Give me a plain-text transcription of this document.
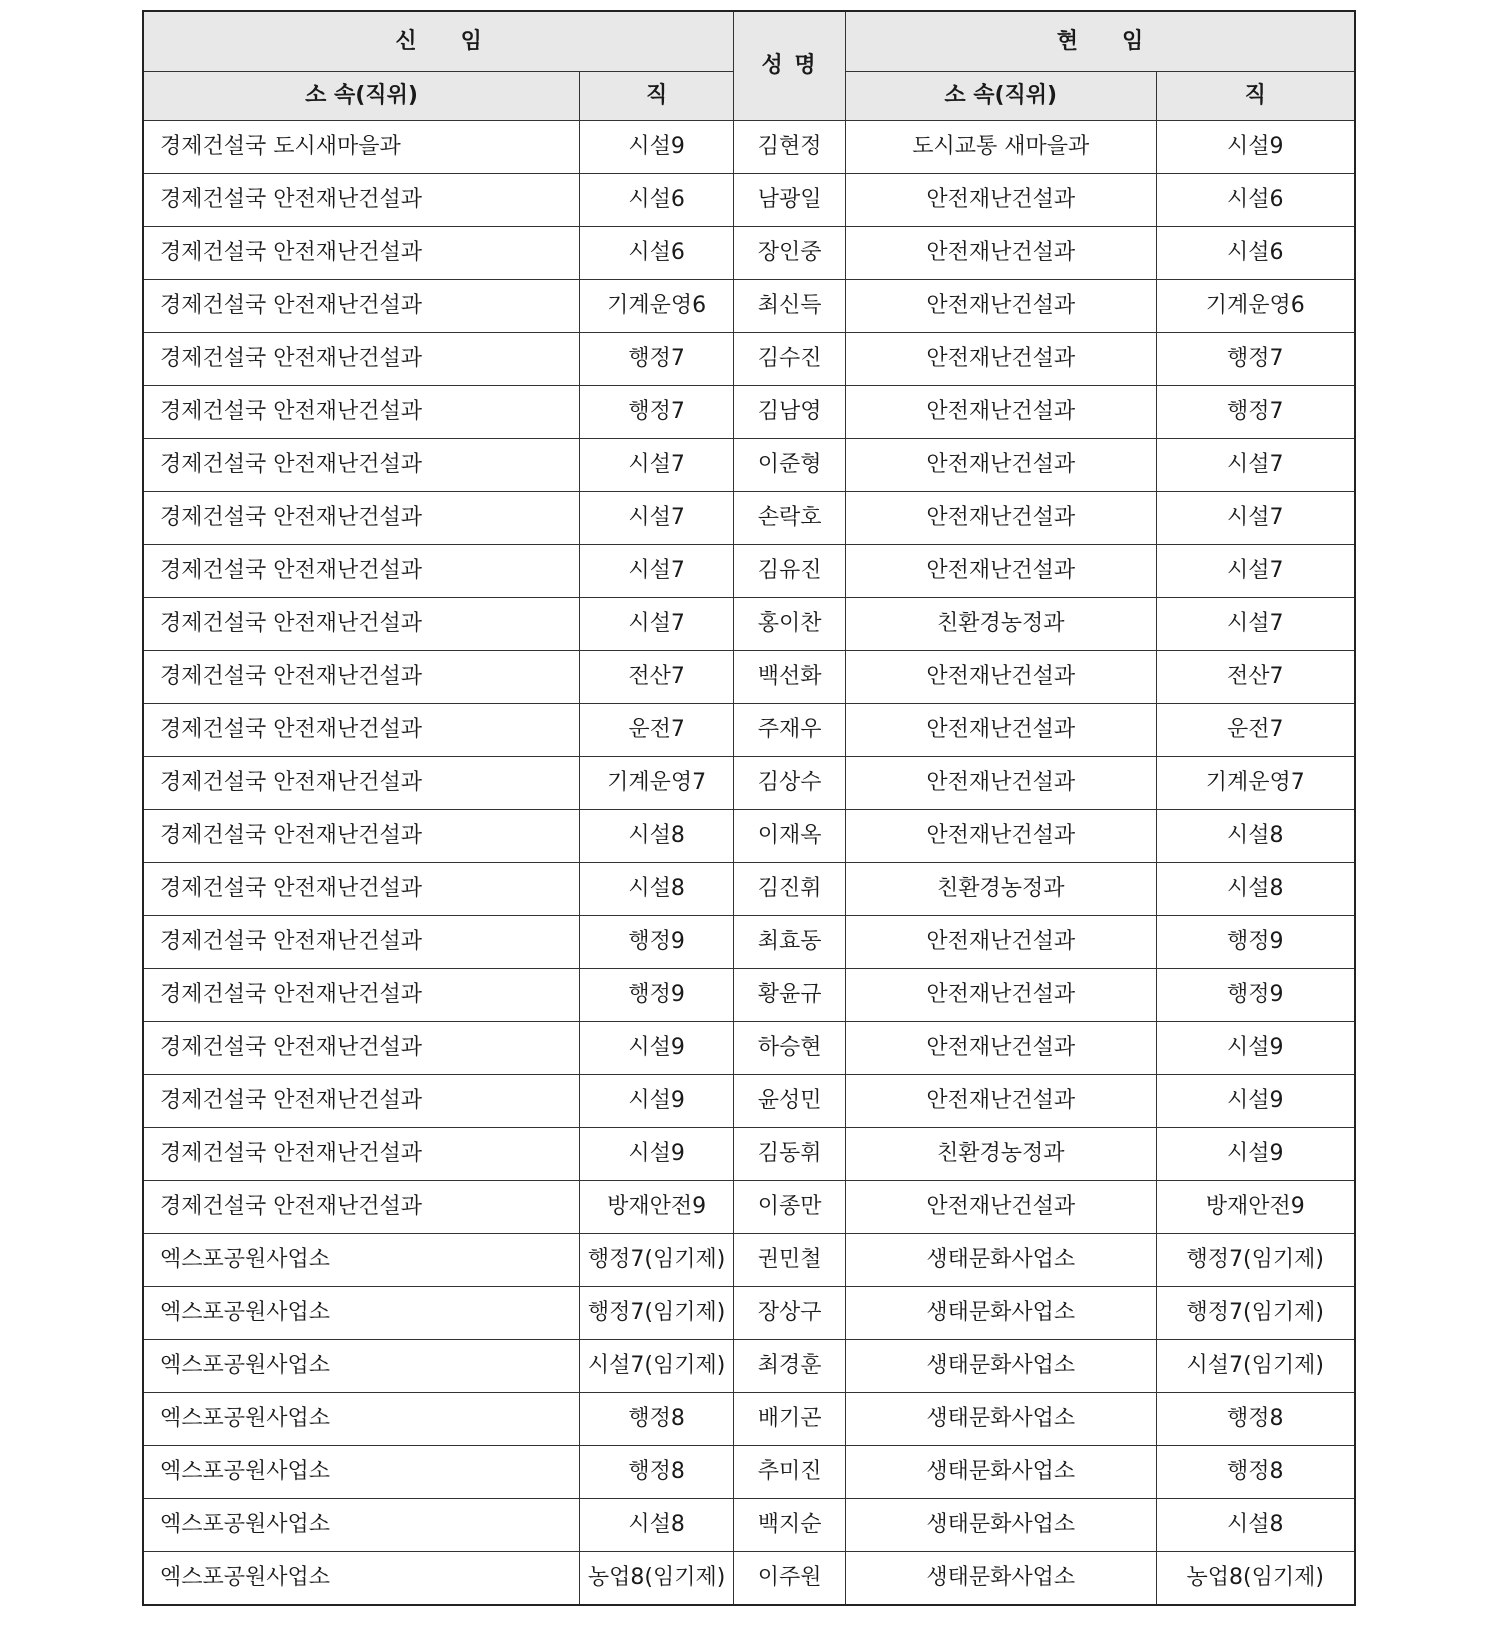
신　　임		성 명	현　　임	
소 속(직위)	직		소 속(직위)	직
경제건설국 도시새마을과	시설9	김현정	도시교통 새마을과	시설9
경제건설국 안전재난건설과	시설6	남광일	안전재난건설과	시설6
경제건설국 안전재난건설과	시설6	장인중	안전재난건설과	시설6
경제건설국 안전재난건설과	기계운영6	최신득	안전재난건설과	기계운영6
경제건설국 안전재난건설과	행정7	김수진	안전재난건설과	행정7
경제건설국 안전재난건설과	행정7	김남영	안전재난건설과	행정7
경제건설국 안전재난건설과	시설7	이준형	안전재난건설과	시설7
경제건설국 안전재난건설과	시설7	손락호	안전재난건설과	시설7
경제건설국 안전재난건설과	시설7	김유진	안전재난건설과	시설7
경제건설국 안전재난건설과	시설7	홍이찬	친환경농정과	시설7
경제건설국 안전재난건설과	전산7	백선화	안전재난건설과	전산7
경제건설국 안전재난건설과	운전7	주재우	안전재난건설과	운전7
경제건설국 안전재난건설과	기계운영7	김상수	안전재난건설과	기계운영7
경제건설국 안전재난건설과	시설8	이재옥	안전재난건설과	시설8
경제건설국 안전재난건설과	시설8	김진휘	친환경농정과	시설8
경제건설국 안전재난건설과	행정9	최효동	안전재난건설과	행정9
경제건설국 안전재난건설과	행정9	황윤규	안전재난건설과	행정9
경제건설국 안전재난건설과	시설9	하승현	안전재난건설과	시설9
경제건설국 안전재난건설과	시설9	윤성민	안전재난건설과	시설9
경제건설국 안전재난건설과	시설9	김동휘	친환경농정과	시설9
경제건설국 안전재난건설과	방재안전9	이종만	안전재난건설과	방재안전9
엑스포공원사업소	행정7(임기제)	권민철	생태문화사업소	행정7(임기제)
엑스포공원사업소	행정7(임기제)	장상구	생태문화사업소	행정7(임기제)
엑스포공원사업소	시설7(임기제)	최경훈	생태문화사업소	시설7(임기제)
엑스포공원사업소	행정8	배기곤	생태문화사업소	행정8
엑스포공원사업소	행정8	추미진	생태문화사업소	행정8
엑스포공원사업소	시설8	백지순	생태문화사업소	시설8
엑스포공원사업소	농업8(임기제)	이주원	생태문화사업소	농업8(임기제)
